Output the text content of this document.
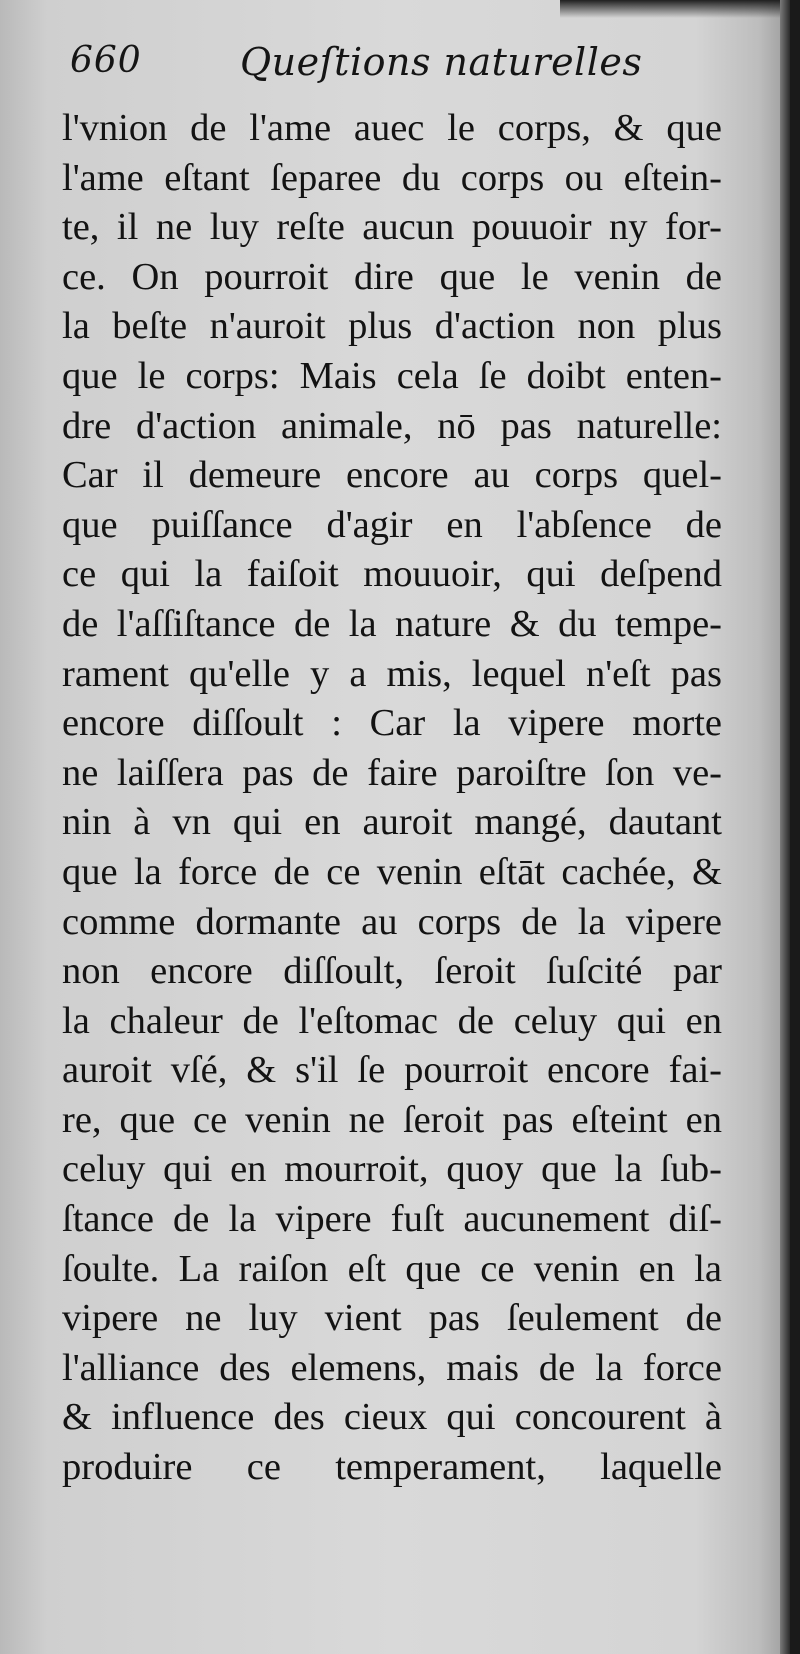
660	Queſtions naturelles
l'vnion de l'ame auec le corps, & que
l'ame eſtant ſeparee du corps ou eſtein-
te, il ne luy reſte aucun pouuoir ny for-
ce. On pourroit dire que le venin de
la beſte n'auroit plus d'action non plus
que le corps: Mais cela ſe doibt enten-
dre d'action animale, nō pas naturelle:
Car il demeure encore au corps quel-
que puiſſance d'agir en l'abſence de
ce qui la faiſoit mouuoir, qui deſpend
de l'aſſiſtance de la nature & du tempe-
rament qu'elle y a mis, lequel n'eſt pas
encore diſſoult : Car la vipere morte
ne laiſſera pas de faire paroiſtre ſon ve-
nin à vn qui en auroit mangé, dautant
que la force de ce venin eſtāt cachée, &
comme dormante au corps de la vipere
non encore diſſoult, ſeroit ſuſcité par
la chaleur de l'eſtomac de celuy qui en
auroit vſé, & s'il ſe pourroit encore fai-
re, que ce venin ne ſeroit pas eſteint en
celuy qui en mourroit, quoy que la ſub-
ſtance de la vipere fuſt aucunement diſ-
ſoulte. La raiſon eſt que ce venin en la
vipere ne luy vient pas ſeulement de
l'alliance des elemens, mais de la force
& influence des cieux qui concourent à
produire ce temperament, laquelle
